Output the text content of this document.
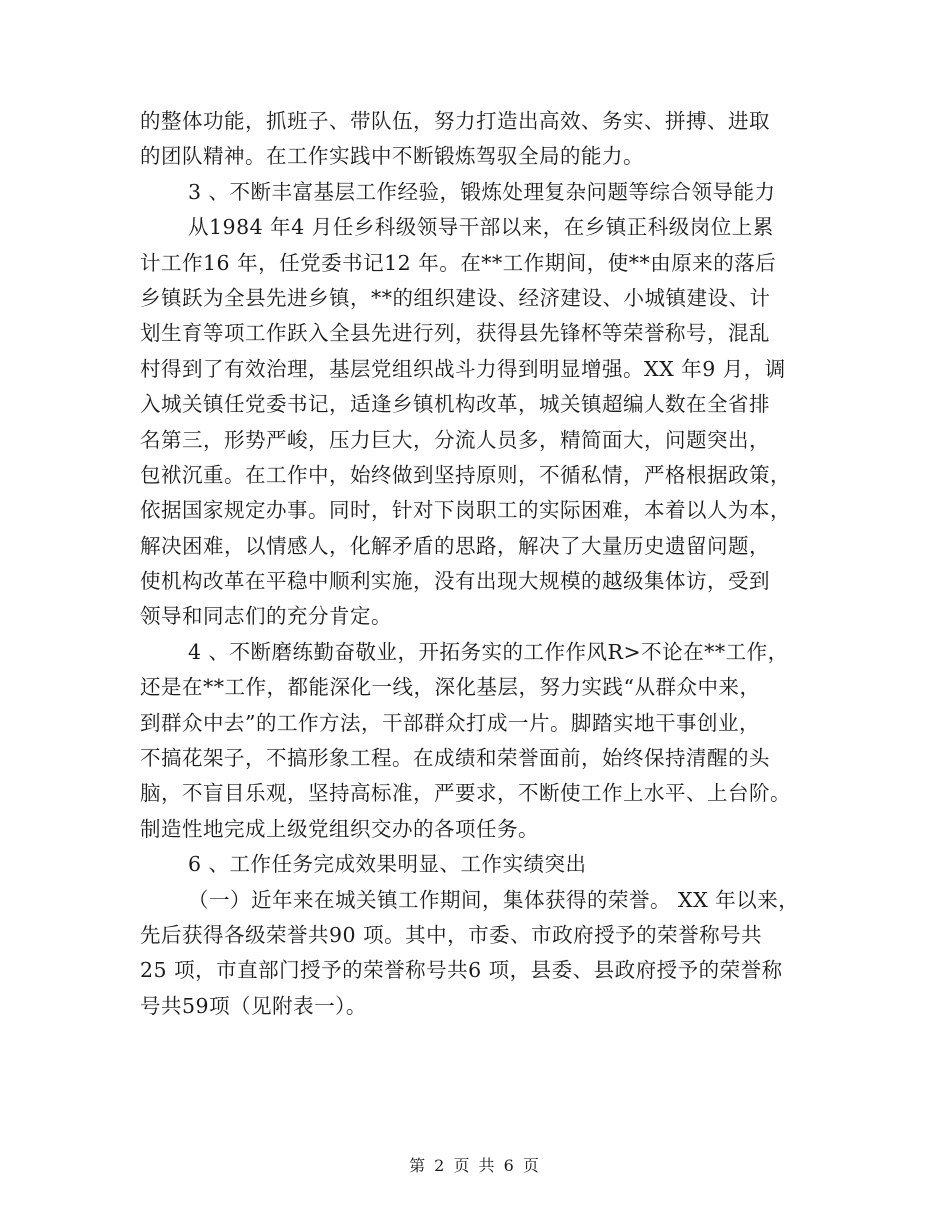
的整体功能，抓班子、带队伍，努力打造出高效、务实、拼搏、进取
的团队精神。在工作实践中不断锻炼驾驭全局的能力。
3 、不断丰富基层工作经验，锻炼处理复杂问题等综合领导能力
从1984 年4 月任乡科级领导干部以来，在乡镇正科级岗位上累
计工作16 年，任党委书记12 年。在**工作期间，使**由原来的落后
乡镇跃为全县先进乡镇，**的组织建设、经济建设、小城镇建设、计
划生育等项工作跃入全县先进行列，获得县先锋杯等荣誉称号，混乱
村得到了有效治理，基层党组织战斗力得到明显增强。XX 年9 月，调
入城关镇任党委书记，适逢乡镇机构改革，城关镇超编人数在全省排
名第三，形势严峻，压力巨大，分流人员多，精简面大，问题突出，
包袱沉重。在工作中，始终做到坚持原则，不循私情，严格根据政策，
依据国家规定办事。同时，针对下岗职工的实际困难，本着以人为本，
解决困难，以情感人，化解矛盾的思路，解决了大量历史遗留问题，
使机构改革在平稳中顺利实施，没有出现大规模的越级集体访，受到
领导和同志们的充分肯定。
4 、不断磨练勤奋敬业，开拓务实的工作作风R>不论在**工作，
还是在**工作，都能深化一线，深化基层，努力实践“从群众中来，
到群众中去”的工作方法，干部群众打成一片。脚踏实地干事创业，
不搞花架子，不搞形象工程。在成绩和荣誉面前，始终保持清醒的头
脑，不盲目乐观，坚持高标准，严要求，不断使工作上水平、上台阶。
制造性地完成上级党组织交办的各项任务。
6 、工作任务完成效果明显、工作实绩突出
（一）近年来在城关镇工作期间，集体获得的荣誉。 XX 年以来，
先后获得各级荣誉共90 项。其中，市委、市政府授予的荣誉称号共
25 项，市直部门授予的荣誉称号共6 项，县委、县政府授予的荣誉称
号共59项（见附表一）。
第 2 页 共 6 页
